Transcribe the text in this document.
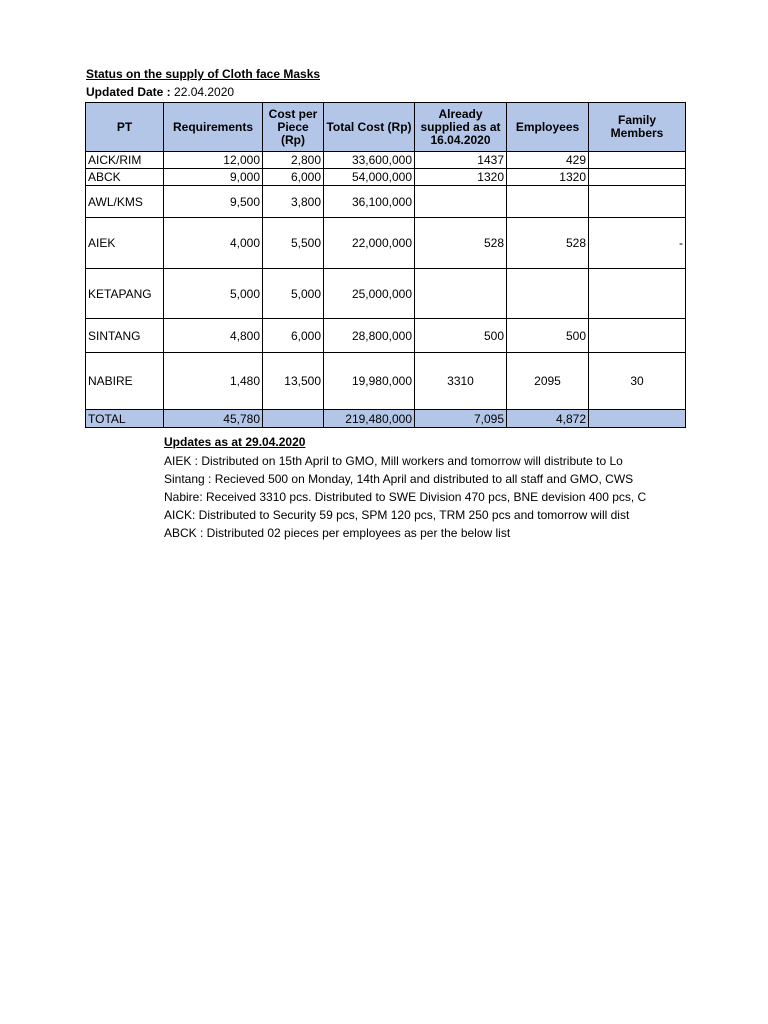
Status on the supply of Cloth face Masks
Updated Date : 22.04.2020
PT	Requirements	Cost per Piece (Rp)	Total Cost (Rp)	Already supplied as at 16.04.2020	Employees	Family Members
AICK/RIM	12,000	2,800	33,600,000	1437	429	
ABCK	9,000	6,000	54,000,000	1320	1320	
AWL/KMS	9,500	3,800	36,100,000			
AIEK	4,000	5,500	22,000,000	528	528	-
KETAPANG	5,000	5,000	25,000,000			
SINTANG	4,800	6,000	28,800,000	500	500	
NABIRE	1,480	13,500	19,980,000	3310	2095	30
TOTAL	45,780		219,480,000	7,095	4,872	
Updates as at 29.04.2020
AIEK : Distributed on 15th April to GMO, Mill workers and tomorrow will distribute to Lo
Sintang : Recieved 500 on Monday, 14th April and distributed to all staff and GMO, CWS
Nabire: Received 3310 pcs. Distributed to SWE Division 470 pcs, BNE devision 400 pcs, C
AICK: Distributed to Security 59 pcs, SPM 120 pcs, TRM 250 pcs and tomorrow will dist
ABCK : Distributed 02 pieces per employees as per the below list
